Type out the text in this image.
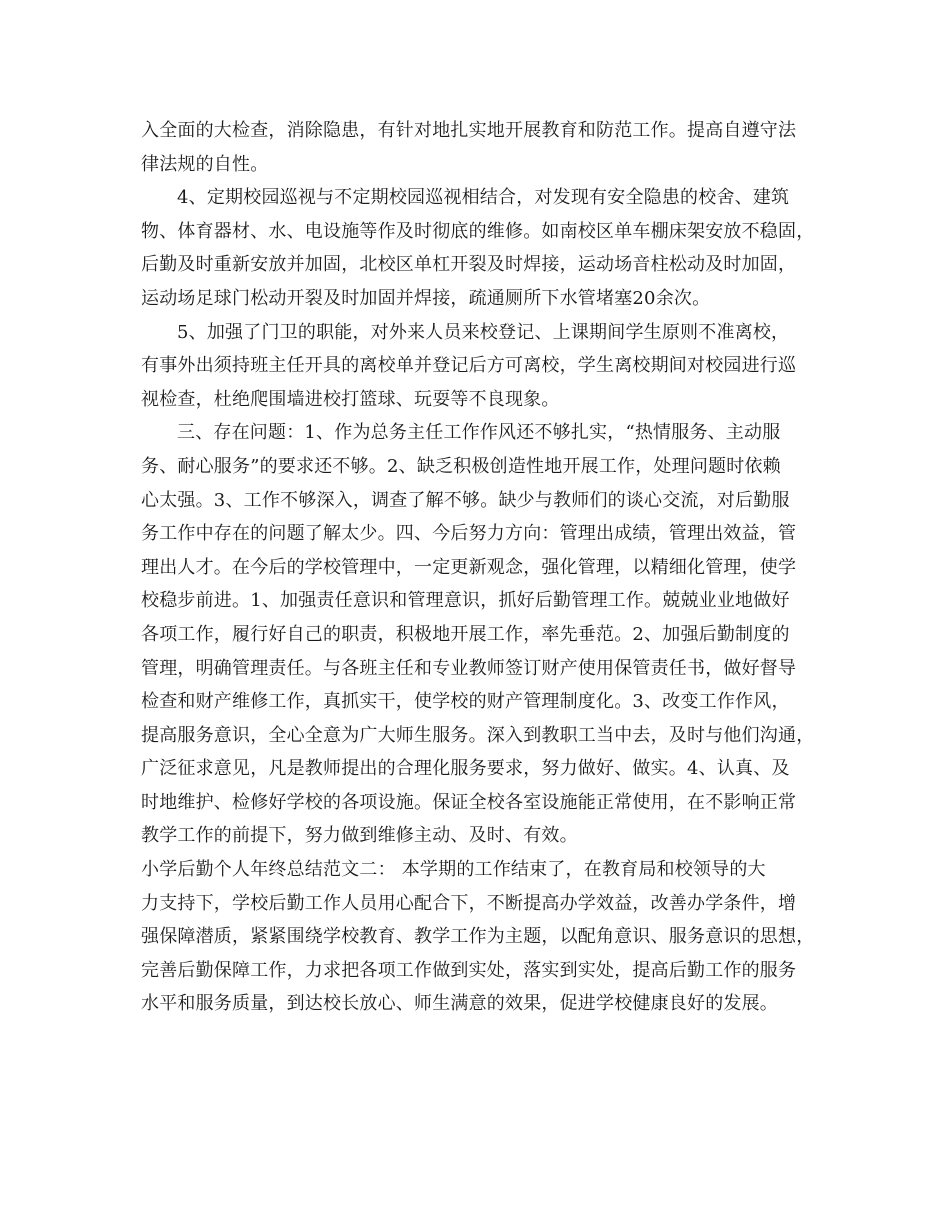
入全面的大检查，消除隐患，有针对地扎实地开展教育和防范工作。提高自遵守法
律法规的自性。
4、定期校园巡视与不定期校园巡视相结合，对发现有安全隐患的校舍、建筑
物、体育器材、水、电设施等作及时彻底的维修。如南校区单车棚床架安放不稳固，
后勤及时重新安放并加固，北校区单杠开裂及时焊接，运动场音柱松动及时加固，
运动场足球门松动开裂及时加固并焊接，疏通厕所下水管堵塞20余次。
5、加强了门卫的职能，对外来人员来校登记、上课期间学生原则不准离校，
有事外出须持班主任开具的离校单并登记后方可离校，学生离校期间对校园进行巡
视检查，杜绝爬围墙进校打篮球、玩耍等不良现象。
三、存在问题：1、作为总务主任工作作风还不够扎实，“热情服务、主动服
务、耐心服务”的要求还不够。2、缺乏积极创造性地开展工作，处理问题时依赖
心太强。3、工作不够深入，调查了解不够。缺少与教师们的谈心交流，对后勤服
务工作中存在的问题了解太少。四、今后努力方向：管理出成绩，管理出效益，管
理出人才。在今后的学校管理中，一定更新观念，强化管理，以精细化管理，使学
校稳步前进。1、加强责任意识和管理意识，抓好后勤管理工作。兢兢业业地做好
各项工作，履行好自己的职责，积极地开展工作，率先垂范。2、加强后勤制度的
管理，明确管理责任。与各班主任和专业教师签订财产使用保管责任书，做好督导
检查和财产维修工作，真抓实干，使学校的财产管理制度化。3、改变工作作风，
提高服务意识，全心全意为广大师生服务。深入到教职工当中去，及时与他们沟通，
广泛征求意见，凡是教师提出的合理化服务要求，努力做好、做实。4、认真、及
时地维护、检修好学校的各项设施。保证全校各室设施能正常使用，在不影响正常
教学工作的前提下，努力做到维修主动、及时、有效。
小学后勤个人年终总结范文二： 本学期的工作结束了，在教育局和校领导的大
力支持下，学校后勤工作人员用心配合下，不断提高办学效益，改善办学条件，增
强保障潜质，紧紧围绕学校教育、教学工作为主题，以配角意识、服务意识的思想，
完善后勤保障工作，力求把各项工作做到实处，落实到实处，提高后勤工作的服务
水平和服务质量，到达校长放心、师生满意的效果，促进学校健康良好的发展。
